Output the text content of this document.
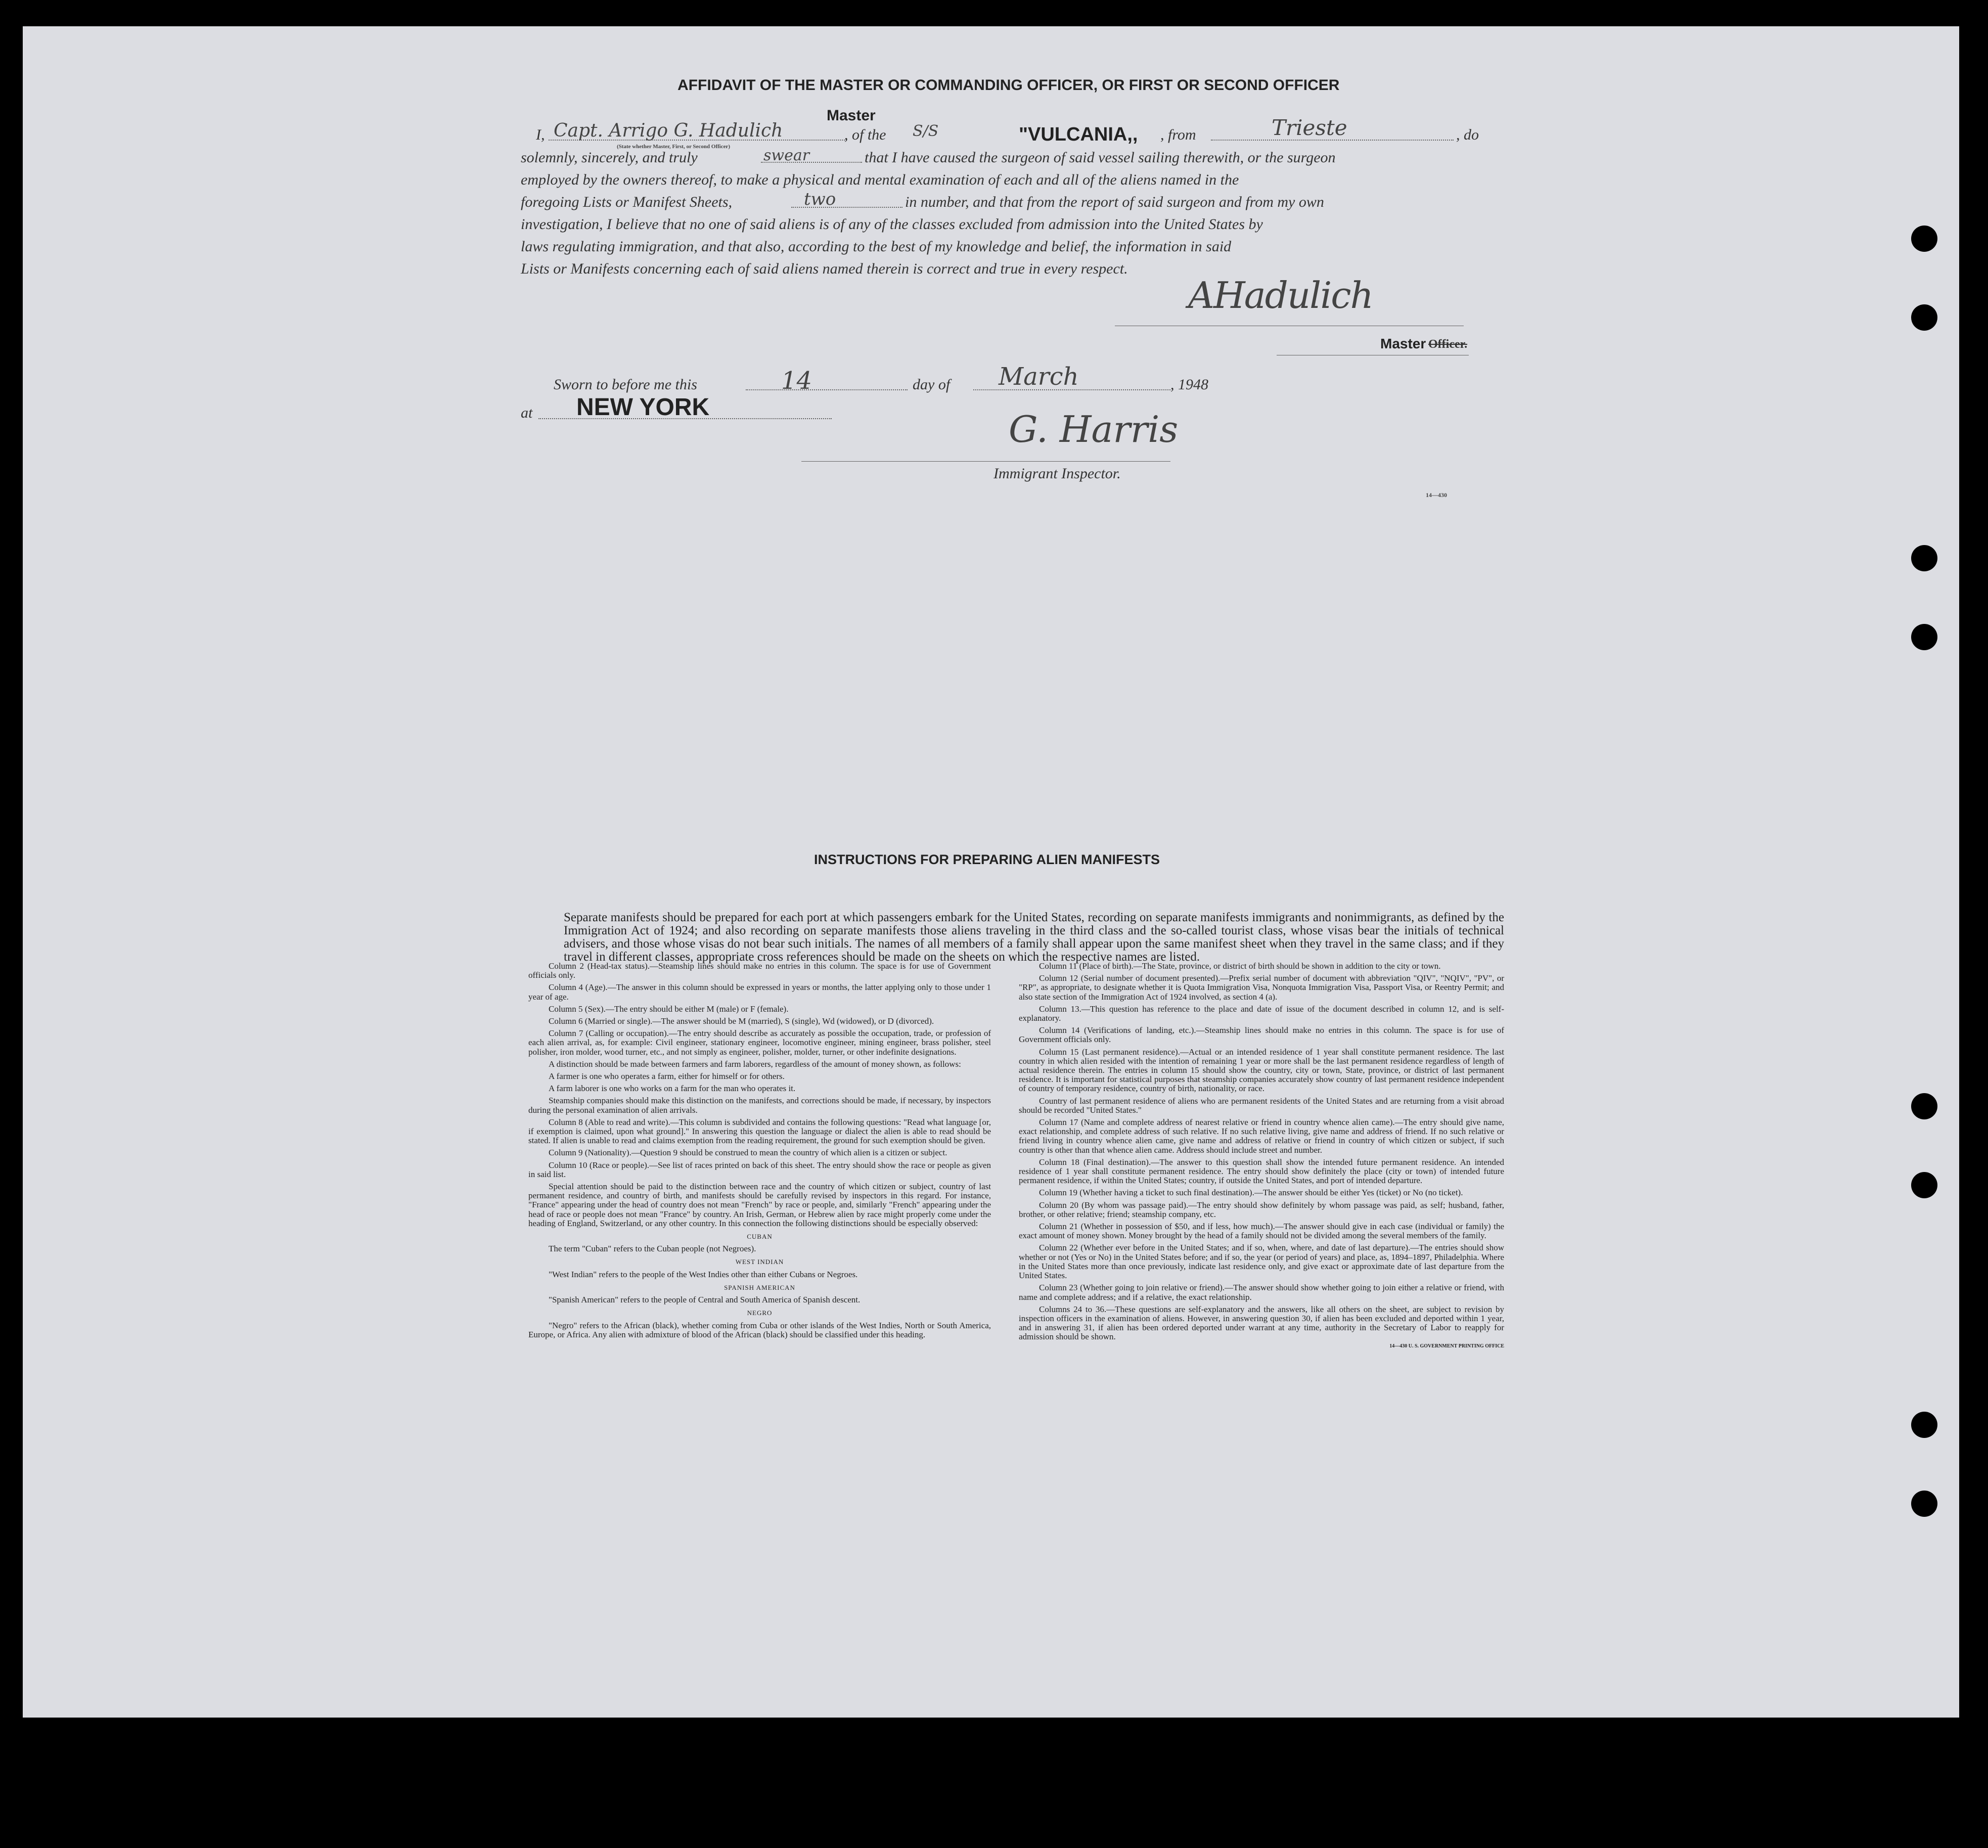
AFFIDAVIT OF THE MASTER OR COMMANDING OFFICER, OR FIRST OR SECOND OFFICER
I, Capt. Arrigo G. Hadulich
Master
(State whether Master, First, or Second Officer)
, of the S/S	"VULCANIA,, , from	Trieste	, do
solemnly, sincerely, and truly	swear	that I have caused the surgeon of said vessel sailing therewith, or the surgeon
employed by the owners thereof, to make a physical and mental examination of each and all of the aliens named in the
foregoing Lists or Manifest Sheets,	two	in number, and that from the report of said surgeon and from my own
investigation, I believe that no one of said aliens is of any of the classes excluded from admission into the United States by
laws regulating immigration, and that also, according to the best of my knowledge and belief, the information in said
Lists or Manifests concerning each of said aliens named therein is correct and true in every respect.
AHadulich
Master Officer.
Sworn to before me this	14	day of March	, 1948
at NEW YORK
G. Harris
Immigrant Inspector.
14—430
INSTRUCTIONS FOR PREPARING ALIEN MANIFESTS
Separate manifests should be prepared for each port at which passengers embark for the United States, recording on separate manifests immigrants and nonimmigrants, as defined by the Immigration Act of 1924; and also recording on separate manifests those aliens traveling in the third class and the so-called tourist class, whose visas bear the initials of technical advisers, and those whose visas do not bear such initials. The names of all members of a family shall appear upon the same manifest sheet when they travel in the same class; and if they travel in different classes, appropriate cross references should be made on the sheets on which the respective names are listed.

Column 2 (Head-tax status).—Steamship lines should make no entries in this column. The space is for use of Government officials only.

Column 4 (Age).—The answer in this column should be expressed in years or months, the latter applying only to those under 1 year of age.

Column 5 (Sex).—The entry should be either M (male) or F (female).

Column 6 (Married or single).—The answer should be M (married), S (single), Wd (widowed), or D (divorced).

Column 7 (Calling or occupation).—The entry should describe as accurately as possible the occupation, trade, or profession of each alien arrival, as, for example: Civil engineer, stationary engineer, locomotive engineer, mining engineer, brass polisher, steel polisher, iron molder, wood turner, etc., and not simply as engineer, polisher, molder, turner, or other indefinite designations.

A distinction should be made between farmers and farm laborers, regardless of the amount of money shown, as follows:

A farmer is one who operates a farm, either for himself or for others.

A farm laborer is one who works on a farm for the man who operates it.

Steamship companies should make this distinction on the manifests, and corrections should be made, if necessary, by inspectors during the personal examination of alien arrivals.

Column 8 (Able to read and write).—This column is subdivided and contains the following questions: "Read what language [or, if exemption is claimed, upon what ground]." In answering this question the language or dialect the alien is able to read should be stated. If alien is unable to read and claims exemption from the reading requirement, the ground for such exemption should be given.

Column 9 (Nationality).—Question 9 should be construed to mean the country of which alien is a citizen or subject.

Column 10 (Race or people).—See list of races printed on back of this sheet. The entry should show the race or people as given in said list.

Special attention should be paid to the distinction between race and the country of which citizen or subject, country of last permanent residence, and country of birth, and manifests should be carefully revised by inspectors in this regard. For instance, "France" appearing under the head of country does not mean "French" by race or people, and, similarly "French" appearing under the head of race or people does not mean "France" by country. An Irish, German, or Hebrew alien by race might properly come under the heading of England, Switzerland, or any other country. In this connection the following distinctions should be especially observed:

CUBAN

The term "Cuban" refers to the Cuban people (not Negroes).

WEST INDIAN

"West Indian" refers to the people of the West Indies other than either Cubans or Negroes.

SPANISH AMERICAN

"Spanish American" refers to the people of Central and South America of Spanish descent.

NEGRO

"Negro" refers to the African (black), whether coming from Cuba or other islands of the West Indies, North or South America, Europe, or Africa. Any alien with admixture of blood of the African (black) should be classified under this heading.

Column 11 (Place of birth).—The State, province, or district of birth should be shown in addition to the city or town.

Column 12 (Serial number of document presented).—Prefix serial number of document with abbreviation "QIV", "NQIV", "PV", or "RP", as appropriate, to designate whether it is Quota Immigration Visa, Nonquota Immigration Visa, Passport Visa, or Reentry Permit; and also state section of the Immigration Act of 1924 involved, as section 4 (a).

Column 13.—This question has reference to the place and date of issue of the document described in column 12, and is self-explanatory.

Column 14 (Verifications of landing, etc.).—Steamship lines should make no entries in this column. The space is for use of Government officials only.

Column 15 (Last permanent residence).—Actual or an intended residence of 1 year shall constitute permanent residence. The last country in which alien resided with the intention of remaining 1 year or more shall be the last permanent residence regardless of length of actual residence therein. The entries in column 15 should show the country, city or town, State, province, or district of last permanent residence. It is important for statistical purposes that steamship companies accurately show country of last permanent residence independent of country of temporary residence, country of birth, nationality, or race.

Country of last permanent residence of aliens who are permanent residents of the United States and are returning from a visit abroad should be recorded "United States."

Column 17 (Name and complete address of nearest relative or friend in country whence alien came).—The entry should give name, exact relationship, and complete address of such relative. If no such relative living, give name and address of friend. If no such relative or friend living in country whence alien came, give name and address of relative or friend in country of which citizen or subject, if such country is other than that whence alien came. Address should include street and number.

Column 18 (Final destination).—The answer to this question shall show the intended future permanent residence. An intended residence of 1 year shall constitute permanent residence. The entry should show definitely the place (city or town) of intended future permanent residence, if within the United States; country, if outside the United States, and port of intended departure.

Column 19 (Whether having a ticket to such final destination).—The answer should be either Yes (ticket) or No (no ticket).

Column 20 (By whom was passage paid).—The entry should show definitely by whom passage was paid, as self; husband, father, brother, or other relative; friend; steamship company, etc.

Column 21 (Whether in possession of $50, and if less, how much).—The answer should give in each case (individual or family) the exact amount of money shown. Money brought by the head of a family should not be divided among the several members of the family.

Column 22 (Whether ever before in the United States; and if so, when, where, and date of last departure).—The entries should show whether or not (Yes or No) in the United States before; and if so, the year (or period of years) and place, as, 1894–1897, Philadelphia. Where in the United States more than once previously, indicate last residence only, and give exact or approximate date of last departure from the United States.

Column 23 (Whether going to join relative or friend).—The answer should show whether going to join either a relative or friend, with name and complete address; and if a relative, the exact relationship.

Columns 24 to 36.—These questions are self-explanatory and the answers, like all others on the sheet, are subject to revision by inspection officers in the examination of aliens. However, in answering question 30, if alien has been excluded and deported within 1 year, and in answering 31, if alien has been ordered deported under warrant at any time, authority in the Secretary of Labor to reapply for admission should be shown.

14—430 U. S. GOVERNMENT PRINTING OFFICE
